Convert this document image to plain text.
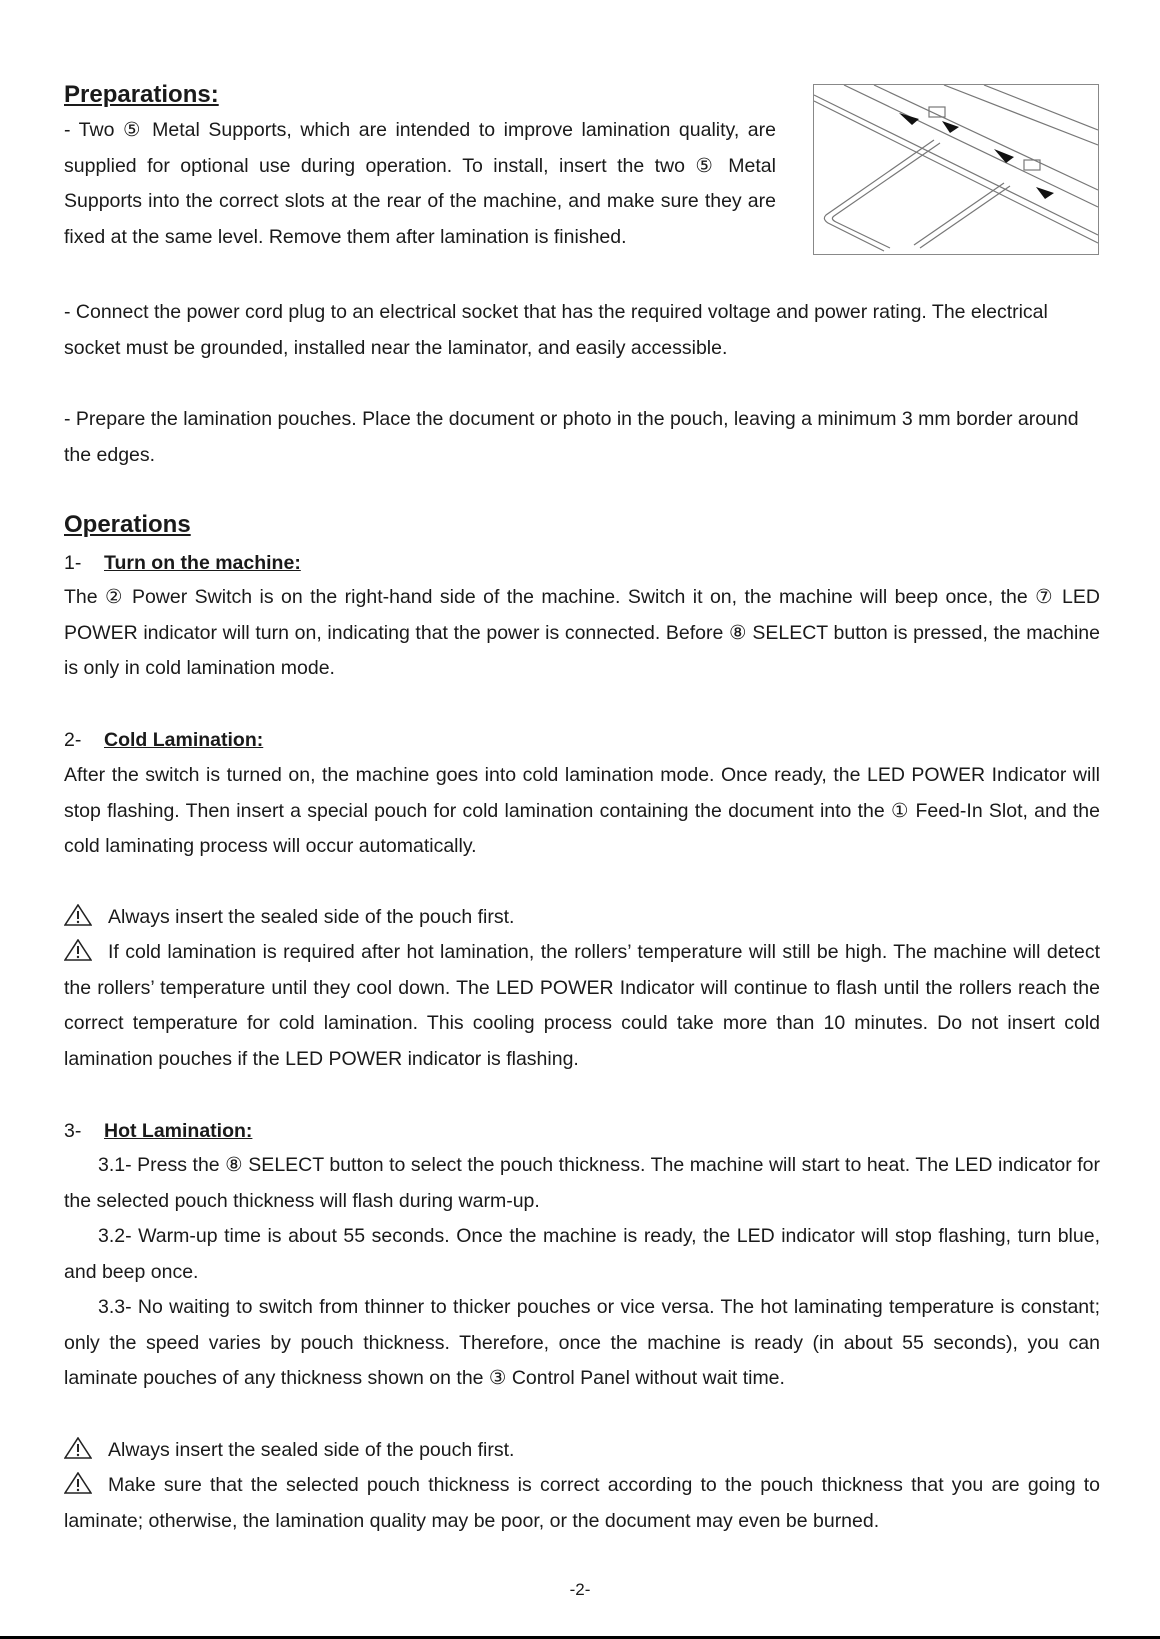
Preparations:
- Two ⑤ Metal Supports, which are intended to improve lamination quality, are supplied for optional use during operation. To install, insert the two ⑤ Metal Supports into the correct slots at the rear of the machine, and make sure they are fixed at the same level. Remove them after lamination is finished.
- Connect the power cord plug to an electrical socket that has the required voltage and power rating. The electrical socket must be grounded, installed near the laminator, and easily accessible.
- Prepare the lamination pouches. Place the document or photo in the pouch, leaving a minimum 3 mm border around the edges.
Operations
1- Turn on the machine:
The ② Power Switch is on the right-hand side of the machine. Switch it on, the machine will beep once, the ⑦ LED POWER indicator will turn on, indicating that the power is connected. Before ⑧ SELECT button is pressed, the machine is only in cold lamination mode.
2- Cold Lamination:
After the switch is turned on, the machine goes into cold lamination mode. Once ready, the LED POWER Indicator will stop flashing. Then insert a special pouch for cold lamination containing the document into the ① Feed-In Slot, and the cold laminating process will occur automatically.
Always insert the sealed side of the pouch first.
If cold lamination is required after hot lamination, the rollers’ temperature will still be high. The machine will detect the rollers’ temperature until they cool down. The LED POWER Indicator will continue to flash until the rollers reach the correct temperature for cold lamination. This cooling process could take more than 10 minutes. Do not insert cold lamination pouches if the LED POWER indicator is flashing.
3- Hot Lamination:
3.1- Press the ⑧ SELECT button to select the pouch thickness. The machine will start to heat. The LED indicator for the selected pouch thickness will flash during warm-up.
3.2- Warm-up time is about 55 seconds. Once the machine is ready, the LED indicator will stop flashing, turn blue, and beep once.
3.3- No waiting to switch from thinner to thicker pouches or vice versa. The hot laminating temperature is constant; only the speed varies by pouch thickness. Therefore, once the machine is ready (in about 55 seconds), you can laminate pouches of any thickness shown on the ③ Control Panel without wait time.
Always insert the sealed side of the pouch first.
Make sure that the selected pouch thickness is correct according to the pouch thickness that you are going to laminate; otherwise, the lamination quality may be poor, or the document may even be burned.
-2-
